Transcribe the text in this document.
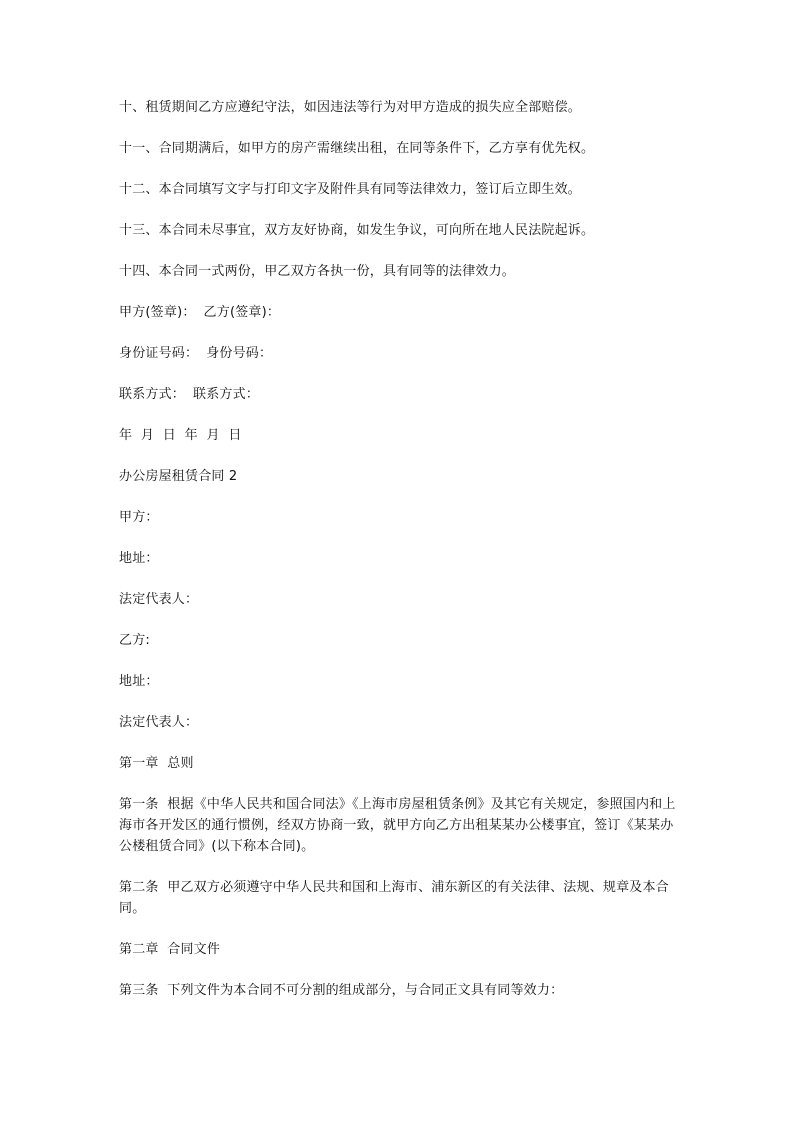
十、租赁期间乙方应遵纪守法，如因违法等行为对甲方造成的损失应全部赔偿。

十一、合同期满后，如甲方的房产需继续出租，在同等条件下，乙方享有优先权。

十二、本合同填写文字与打印文字及附件具有同等法律效力，签订后立即生效。

十三、本合同未尽事宜，双方友好协商，如发生争议，可向所在地人民法院起诉。

十四、本合同一式两份，甲乙双方各执一份，具有同等的法律效力。

甲方(签章)： 乙方(签章)：

身份证号码： 身份号码：

联系方式： 联系方式：

年  月  日  年  月  日

办公房屋租赁合同 2

甲方：

地址：

法定代表人：

乙方:

地址：

法定代表人：

第一章  总则

第一条  根据《中华人民共和国合同法》《上海市房屋租赁条例》及其它有关规定，参照国内和上海市各开发区的通行惯例，经双方协商一致，就甲方向乙方出租某某办公楼事宜，签订《某某办公楼租赁合同》(以下称本合同)。

第二条  甲乙双方必须遵守中华人民共和国和上海市、浦东新区的有关法律、法规、规章及本合同。

第二章  合同文件

第三条  下列文件为本合同不可分割的组成部分，与合同正文具有同等效力：
